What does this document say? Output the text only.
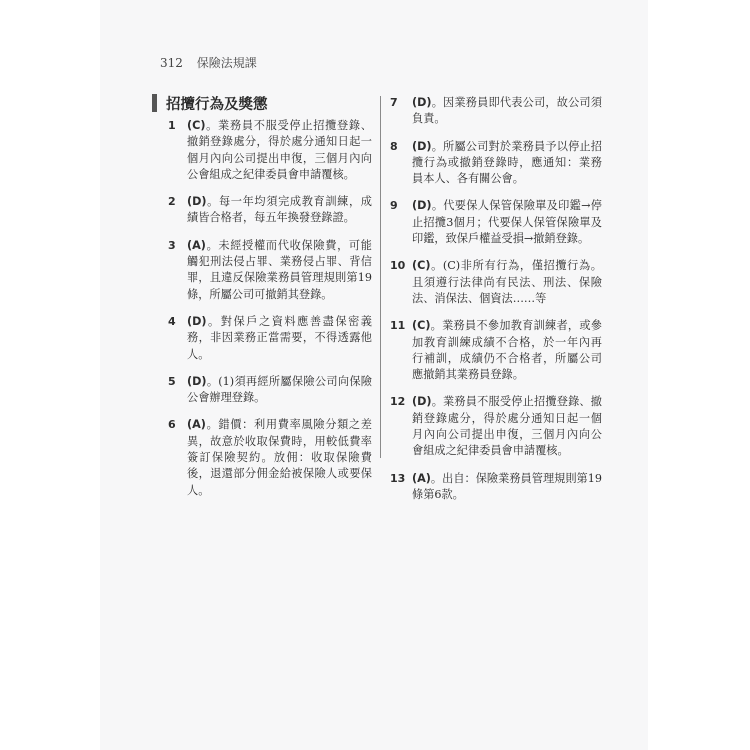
312 保險法規課
招攬行為及獎懲
1 (C)。業務員不服受停止招攬登錄、撤銷登錄處分，得於處分通知日起一個月內向公司提出申復，三個月內向公會組成之紀律委員會申請覆核。
2 (D)。每一年均須完成教育訓練，成績皆合格者，每五年換發登錄證。
3 (A)。未經授權而代收保險費，可能觸犯刑法侵占罪、業務侵占罪、背信罪，且違反保險業務員管理規則第19條，所屬公司可撤銷其登錄。
4 (D)。對保戶之資料應善盡保密義務，非因業務正當需要，不得透露他人。
5 (D)。(1)須再經所屬保險公司向保險公會辦理登錄。
6 (A)。錯價：利用費率風險分類之差異，故意於收取保費時，用較低費率簽訂保險契約。放佣：收取保險費後，退還部分佣金給被保險人或要保人。
7 (D)。因業務員即代表公司，故公司須負責。
8 (D)。所屬公司對於業務員予以停止招攬行為或撤銷登錄時，應通知：業務員本人、各有關公會。
9 (D)。代要保人保管保險單及印鑑→停止招攬3個月；代要保人保管保險單及印鑑，致保戶權益受損→撤銷登錄。
10 (C)。(C)非所有行為，僅招攬行為。且須遵行法律尚有民法、刑法、保險法、消保法、個資法……等
11 (C)。業務員不參加教育訓練者，或參加教育訓練成績不合格，於一年內再行補訓，成績仍不合格者，所屬公司應撤銷其業務員登錄。
12 (D)。業務員不服受停止招攬登錄、撤銷登錄處分，得於處分通知日起一個月內向公司提出申復，三個月內向公會組成之紀律委員會申請覆核。
13 (A)。出自：保險業務員管理規則第19條第6款。
